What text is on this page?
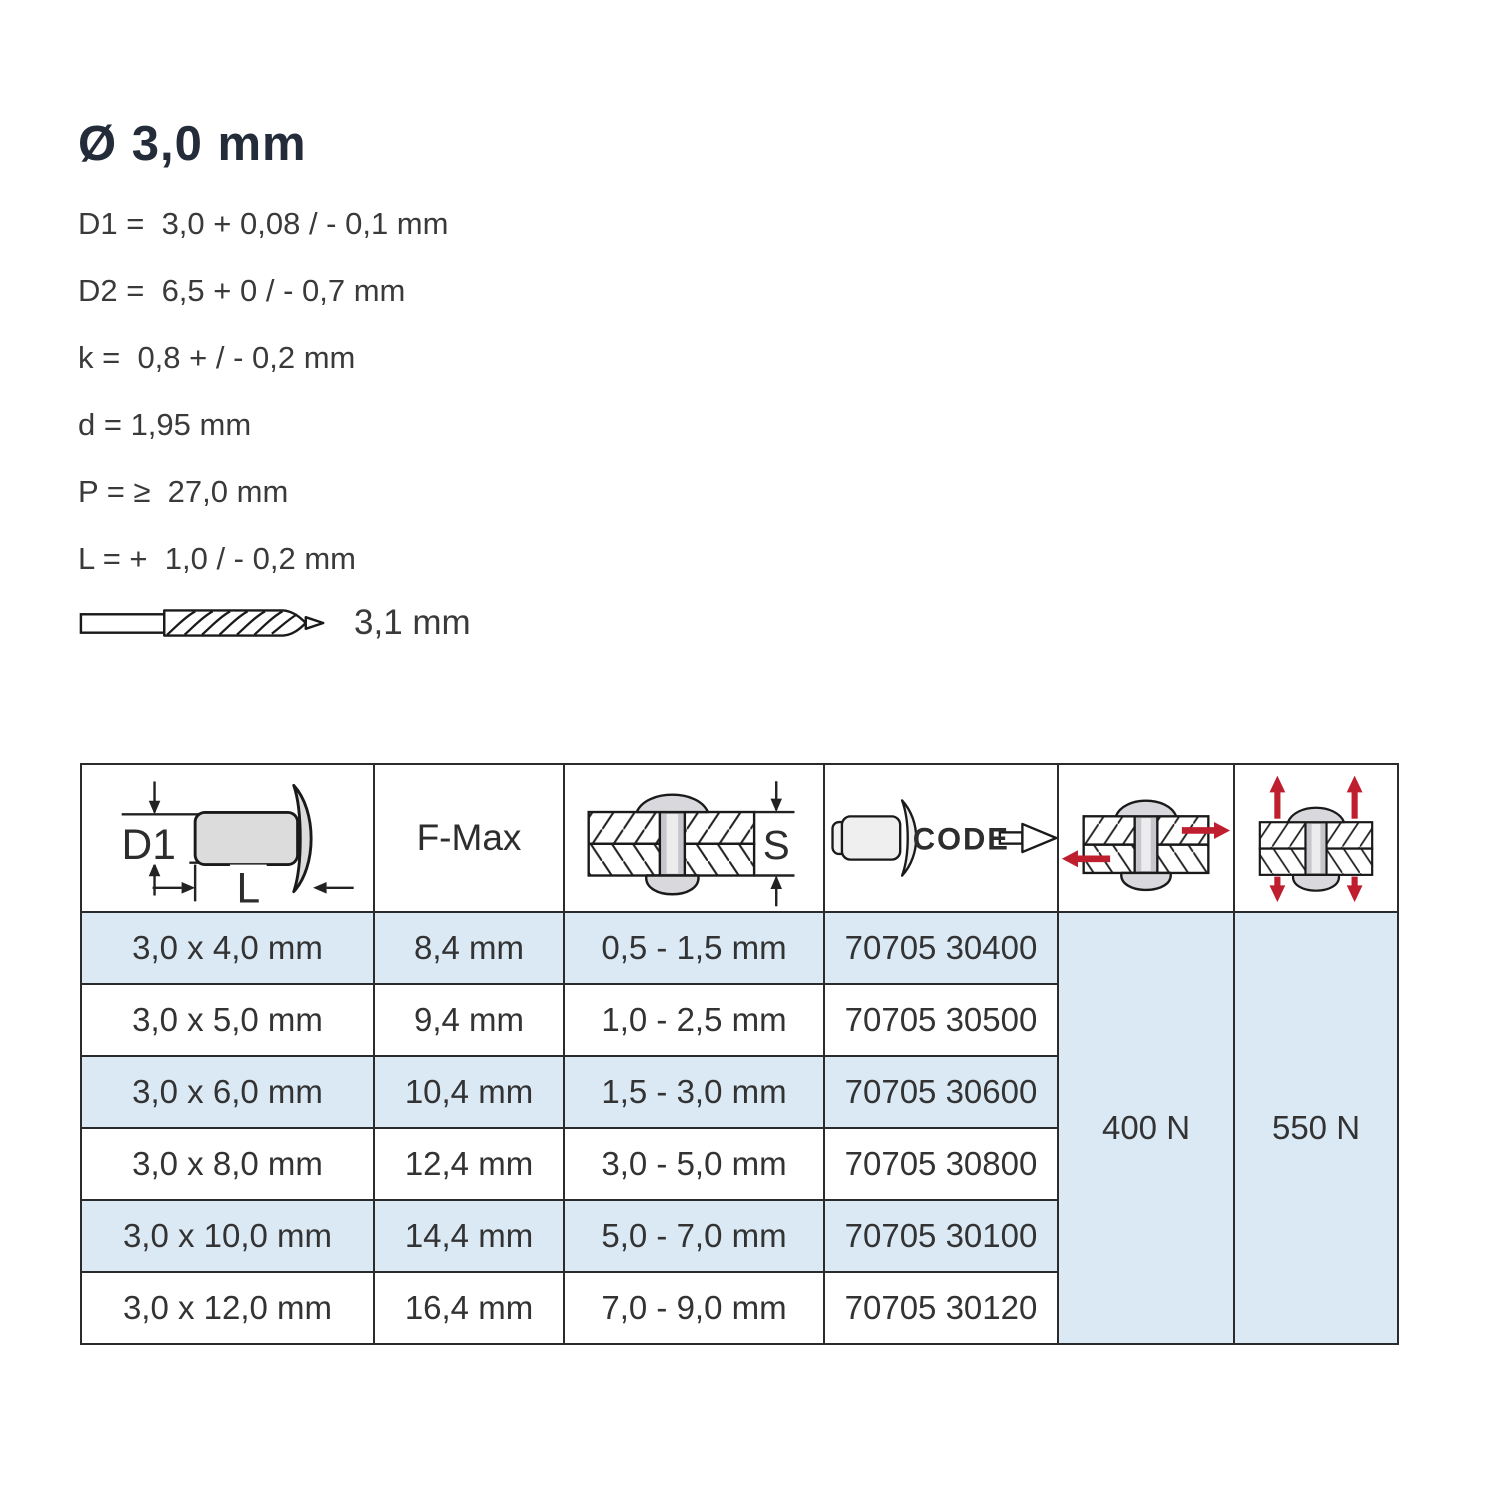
Ø 3,0 mm
D1 =  3,0 + 0,08 / - 0,1 mm
D2 =  6,5 + 0 / - 0,7 mm
k =  0,8 + / - 0,2 mm
d = 1,95 mm
P = ≥  27,0 mm
L = +  1,0 / - 0,2 mm
3,1 mm
D1
L	F-Max	S	CODE

3,0 x 4,0 mm	8,4 mm	0,5 - 1,5 mm	70705 30400	400 N	550 N
3,0 x 5,0 mm	9,4 mm	1,0 - 2,5 mm	70705 30500		
3,0 x 6,0 mm	10,4 mm	1,5 - 3,0 mm	70705 30600		
3,0 x 8,0 mm	12,4 mm	3,0 - 5,0 mm	70705 30800		
3,0 x 10,0 mm	14,4 mm	5,0 - 7,0 mm	70705 30100		
3,0 x 12,0 mm	16,4 mm	7,0 - 9,0 mm	70705 30120		
